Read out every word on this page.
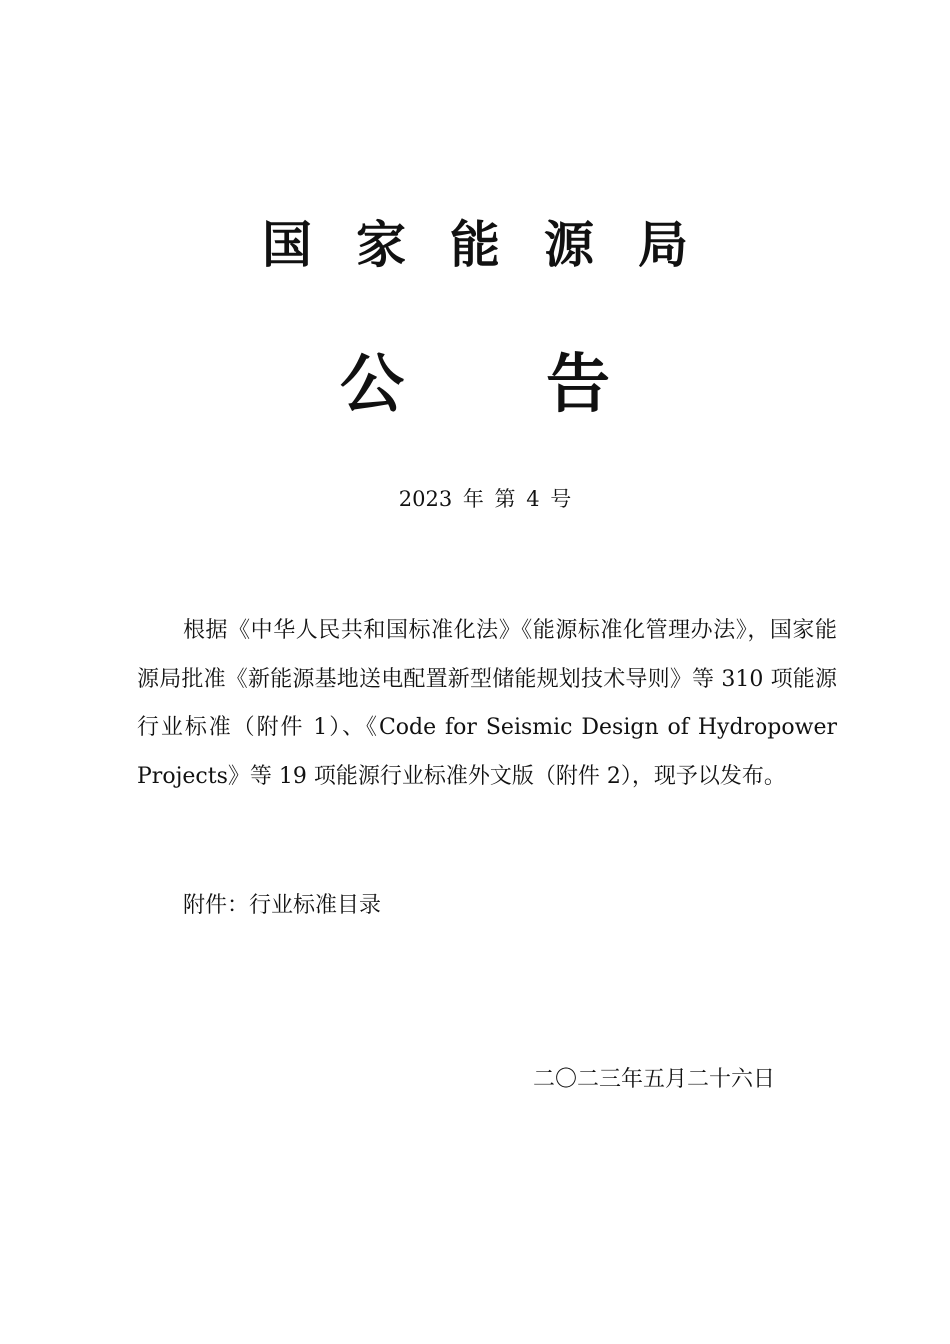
国家能源局
公告

2023 年 第 4 号

根据《中华人民共和国标准化法》《能源标准化管理办法》，国家能源局批准《新能源基地送电配置新型储能规划技术导则》等 310 项能源行业标准（附件 1）、《Code for Seismic Design of Hydropower Projects》等 19 项能源行业标准外文版（附件 2），现予以发布。

附件：行业标准目录

二〇二三年五月二十六日
